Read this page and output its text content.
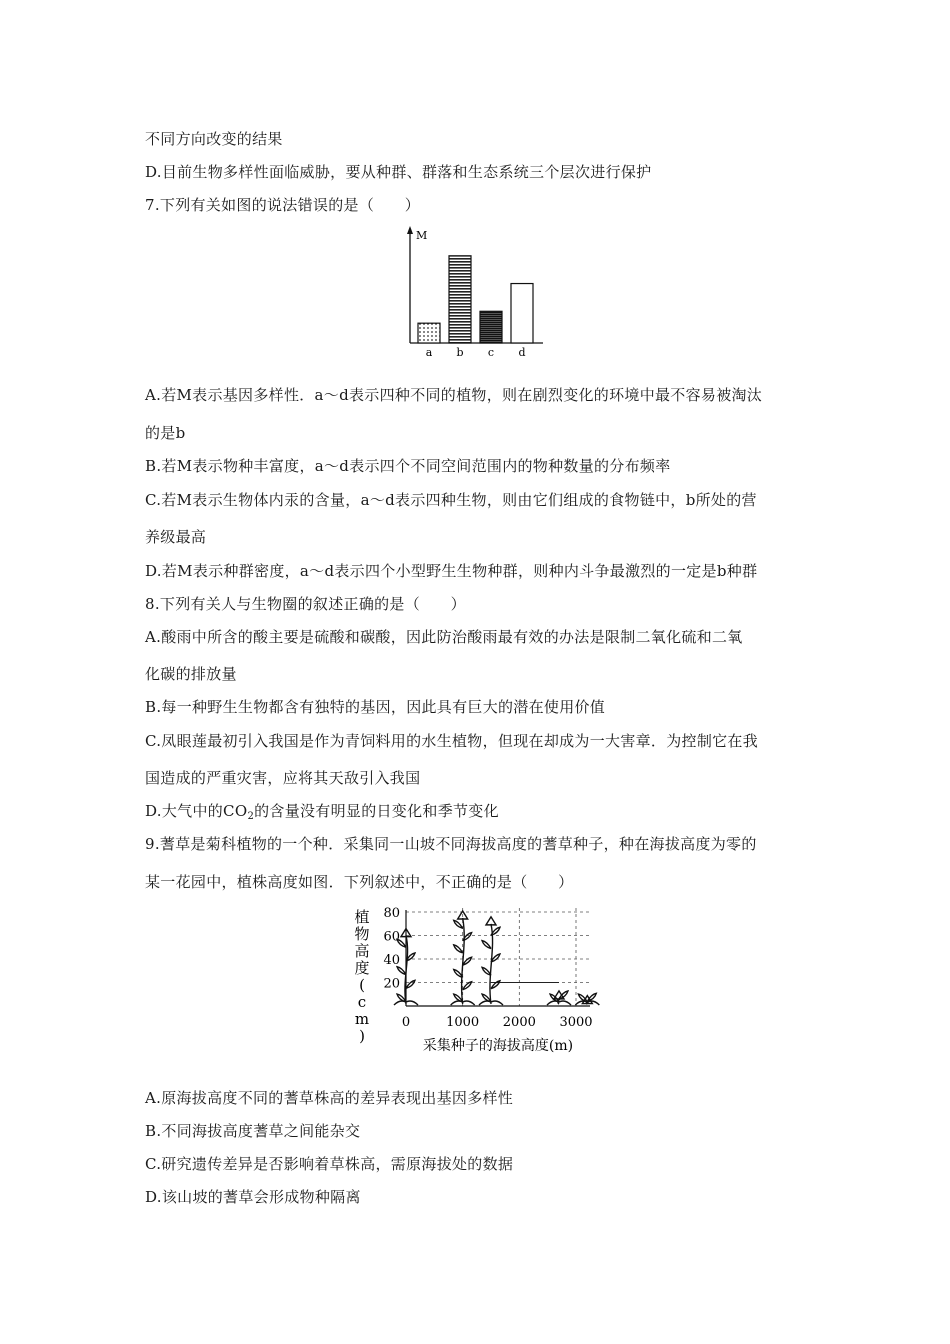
不同方向改变的结果
D.目前生物多样性面临威胁，要从种群、群落和生态系统三个层次进行保护
7.下列有关如图的说法错误的是（　　）
M
a b c d
A.若M表示基因多样性．a～d表示四种不同的植物，则在剧烈变化的环境中最不容易被淘汰
的是b
B.若M表示物种丰富度，a～d表示四个不同空间范围内的物种数量的分布频率
C.若M表示生物体内汞的含量，a～d表示四种生物，则由它们组成的食物链中，b所处的营
养级最高
D.若M表示种群密度，a～d表示四个小型野生生物种群，则种内斗争最激烈的一定是b种群
8.下列有关人与生物圈的叙述正确的是（　　）
A.酸雨中所含的酸主要是硫酸和碳酸，因此防治酸雨最有效的办法是限制二氧化硫和二氧
化碳的排放量
B.每一种野生生物都含有独特的基因，因此具有巨大的潜在使用价值
C.凤眼莲最初引入我国是作为青饲料用的水生植物，但现在却成为一大害章．为控制它在我
国造成的严重灾害，应将其天敌引入我国
D.大气中的$CO_2$的含量没有明显的日变化和季节变化
9.蓍草是菊科植物的一个种．采集同一山坡不同海拔高度的蓍草种子，种在海拔高度为零的
某一花园中，植株高度如图．下列叙述中，不正确的是（　　）
植物高度( c m )
80
60
40
20
0	1000 2000 3000
采集种子的海拔高度(m)
A.原海拔高度不同的蓍草株高的差异表现出基因多样性
B.不同海拔高度蓍草之间能杂交
C.研究遗传差异是否影响着草株高，需原海拔处的数据
D.该山坡的蓍草会形成物种隔离
